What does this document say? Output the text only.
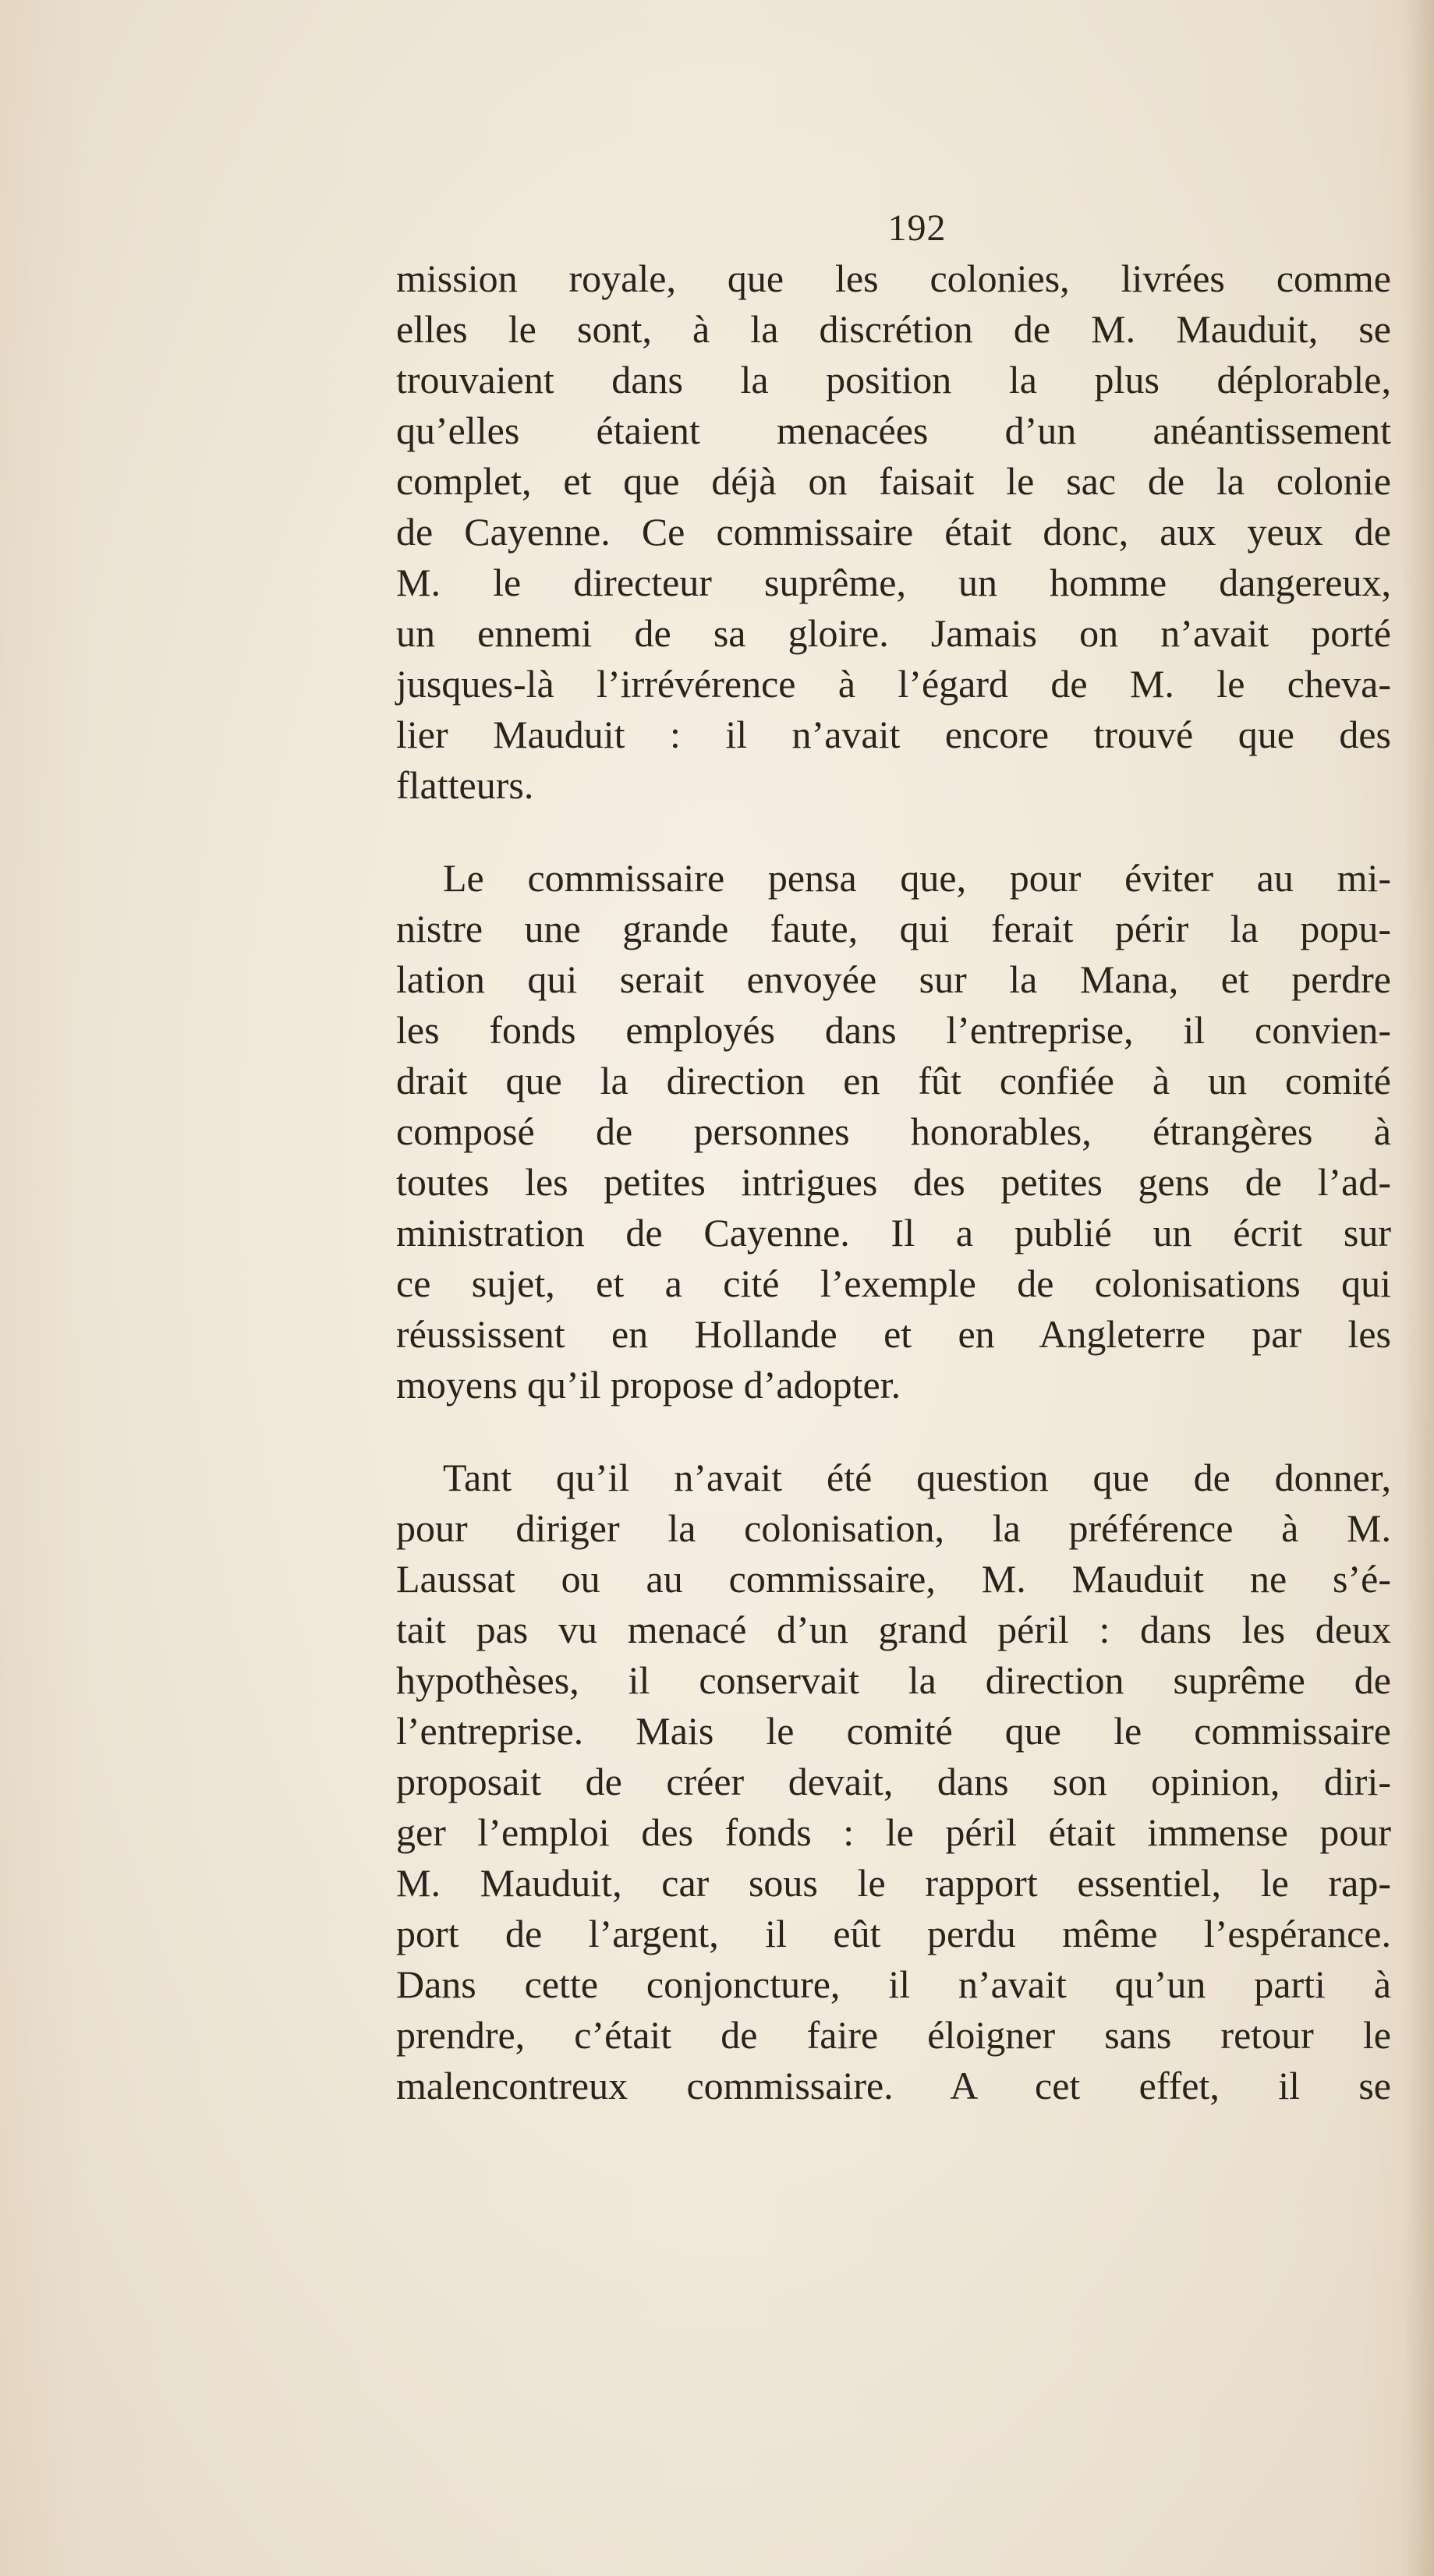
192
mission royale, que les colonies, livrées comme
elles le sont, à la discrétion de M. Mauduit, se
trouvaient dans la position la plus déplorable,
qu’elles étaient menacées d’un anéantissement
complet, et que déjà on faisait le sac de la colonie
de Cayenne. Ce commissaire était donc, aux yeux de
M. le directeur suprême, un homme dangereux,
un ennemi de sa gloire. Jamais on n’avait porté
jusques-là l’irrévérence à l’égard de M. le cheva-
lier Mauduit : il n’avait encore trouvé que des
flatteurs.
Le commissaire pensa que, pour éviter au mi-
nistre une grande faute, qui ferait périr la popu-
lation qui serait envoyée sur la Mana, et perdre
les fonds employés dans l’entreprise, il convien-
drait que la direction en fût confiée à un comité
composé de personnes honorables, étrangères à
toutes les petites intrigues des petites gens de l’ad-
ministration de Cayenne. Il a publié un écrit sur
ce sujet, et a cité l’exemple de colonisations qui
réussissent en Hollande et en Angleterre par les
moyens qu’il propose d’adopter.
Tant qu’il n’avait été question que de donner,
pour diriger la colonisation, la préférence à M.
Laussat ou au commissaire, M. Mauduit ne s’é-
tait pas vu menacé d’un grand péril : dans les deux
hypothèses, il conservait la direction suprême de
l’entreprise. Mais le comité que le commissaire
proposait de créer devait, dans son opinion, diri-
ger l’emploi des fonds : le péril était immense pour
M. Mauduit, car sous le rapport essentiel, le rap-
port de l’argent, il eût perdu même l’espérance.
Dans cette conjoncture, il n’avait qu’un parti à
prendre, c’était de faire éloigner sans retour le
malencontreux commissaire. A cet effet, il se
